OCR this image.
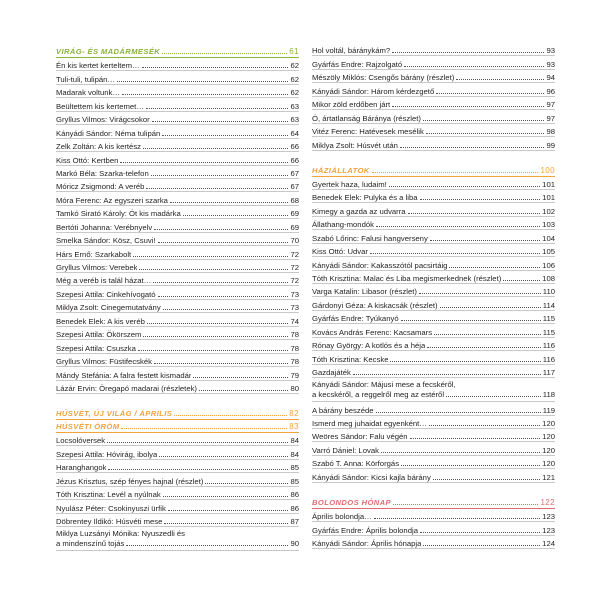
VIRÁG- ÉS MADÁRMESÉK	61
Én kis kertet kerteltem…	62
Tuli-tuli, tulipán…	62
Madarak voltunk…	62
Beültettem kis kertemet…	63
Gryllus Vilmos: Virágcsokor	63
Kányádi Sándor: Néma tulipán	64
Zelk Zoltán: A kis kertész	66
Kiss Ottó: Kertben	66
Markó Béla: Szarka-telefon	67
Móricz Zsigmond: A veréb	67
Móra Ferenc: Az egyszeri szarka	68
Tamkó Sirató Károly: Ót kis madárka	69
Bertóti Johanna: Verébnyelv	69
Smelka Sándor: Kösz, Csuvi!	70
Hárs Ernő: Szarkabolt	72
Gryllus Vilmos: Verebek	72
Még a veréb is talál házat…	72
Szepesi Attila: Cinkehívogató	73
Miklya Zsolt: Cinegemutatvány	73
Benedek Elek: A kis veréb	74
Szepesi Attila: Ökörszem	78
Szepesi Attila: Csuszka	78
Gryllus Vilmos: Füstifecskék	78
Mándy Stefánia: A falra festett kismadár	79
Lázár Ervin: Öregapó madarai (részletek)	80
HÚSVÉT, ÚJ VILÁG / ÁPRILIS	82
HÚSVÉTI ÖRÖM	83
Locsolóversek	84
Szepesi Attila: Hóvirág, ibolya	84
Haranghangok	85
Jézus Krisztus, szép fényes hajnal (részlet)	85
Tóth Krisztina: Levél a nyúlnak	86
Nyulász Péter: Csokinyuszi ürfik	86
Döbrentey Ildikó: Húsvéti mese	87
Miklya Luzsányi Mónika: Nyuszedli és
a mindenszínű tojás	90
Hol voltál, báránykám?	93
Gyárfás Endre: Rajzolgató	93
Mészöly Miklós: Csengős bárány (részlet)	94
Kányádi Sándor: Három kérdezgető	96
Mikor zöld erdőben járt	97
Ó, ártatlanság Báránya (részlet)	97
Vitéz Ferenc: Hatévesek mesélik	98
Miklya Zsolt: Húsvét után	99
HÁZIÁLLATOK	100
Gyertek haza, ludaim!	101
Benedek Elek: Pulyka és a liba	101
Kimegy a gazda az udvarra	102
Állathang-mondók	103
Szabó Lőrinc: Falusi hangverseny	104
Kiss Ottó: Udvar	105
Kányádi Sándor: Kakasszótól pacsirtáig	106
Tóth Krisztina: Malac és Liba megismerkednek (részlet)	108
Varga Katalin: Libasor (részlet)	110
Gárdonyi Géza: A kiskacsák (részlet)	114
Gyárfás Endre: Tyúkanyó	115
Kovács András Ferenc: Kacsamars	115
Rónay György: A kotlós és a héja	116
Tóth Krisztina: Kecske	116
Gazdajáték	117
Kányádi Sándor: Májusi mese a fecskéről,
a kecskéről, a reggelről meg az estéről	118
A bárány beszéde	119
Ismerd meg juhaidat egyenként…	120
Weöres Sándor: Falu végén	120
Varró Dániel: Lovak	120
Szabó T. Anna: Körforgás	120
Kányádi Sándor: Kicsi kajla bárány	121
BOLONDOS HÓNAP	122
Április bolondja…	123
Gyárfás Endre: Április bolondja	123
Kányádi Sándor: Április hónapja	124
